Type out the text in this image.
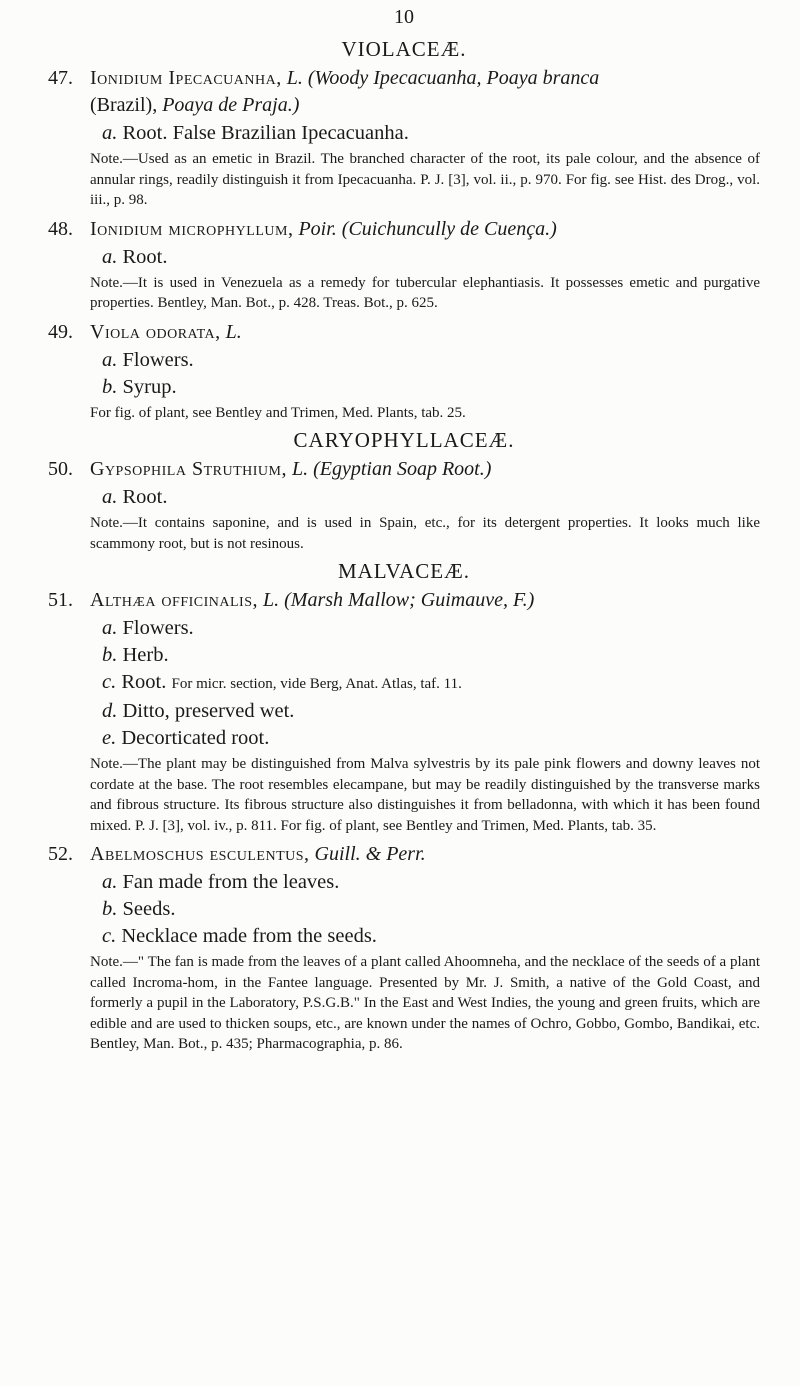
10
VIOLACEÆ.
47. Ionidium Ipecacuanha, L. (Woody Ipecacuanha, Poaya branca
(Brazil), Poaya de Praja.)

a. Root. False Brazilian Ipecacuanha.

Note.—Used as an emetic in Brazil. The branched character of the root, its pale colour, and the absence of annular rings, readily distinguish it from Ipecacuanha. P. J. [3], vol. ii., p. 970. For fig. see Hist. des Drog., vol. iii., p. 98.

48. Ionidium microphyllum, Poir. (Cuichuncully de Cuença.)

a. Root.

Note.—It is used in Venezuela as a remedy for tubercular elephantiasis. It possesses emetic and purgative properties. Bentley, Man. Bot., p. 428. Treas. Bot., p. 625.

49. Viola odorata, L.

a. Flowers.

b. Syrup.

For fig. of plant, see Bentley and Trimen, Med. Plants, tab. 25.

CARYOPHYLLACEÆ.
50. Gypsophila Struthium, L. (Egyptian Soap Root.)

a. Root.

Note.—It contains saponine, and is used in Spain, etc., for its detergent properties. It looks much like scammony root, but is not resinous.

MALVACEÆ.
51. Althæa officinalis, L. (Marsh Mallow; Guimauve, F.)

a. Flowers.

b. Herb.

c. Root. For micr. section, vide Berg, Anat. Atlas, taf. 11.

d. Ditto, preserved wet.

e. Decorticated root.

Note.—The plant may be distinguished from Malva sylvestris by its pale pink flowers and downy leaves not cordate at the base. The root resembles elecampane, but may be readily distinguished by the transverse marks and fibrous structure. Its fibrous structure also distinguishes it from belladonna, with which it has been found mixed. P. J. [3], vol. iv., p. 811. For fig. of plant, see Bentley and Trimen, Med. Plants, tab. 35.

52. Abelmoschus esculentus, Guill. & Perr.

a. Fan made from the leaves.

b. Seeds.

c. Necklace made from the seeds.

Note.—" The fan is made from the leaves of a plant called Ahoomneha, and the necklace of the seeds of a plant called Incroma-hom, in the Fantee language. Presented by Mr. J. Smith, a native of the Gold Coast, and formerly a pupil in the Laboratory, P.S.G.B." In the East and West Indies, the young and green fruits, which are edible and are used to thicken soups, etc., are known under the names of Ochro, Gobbo, Gombo, Bandikai, etc. Bentley, Man. Bot., p. 435; Pharmacographia, p. 86.
